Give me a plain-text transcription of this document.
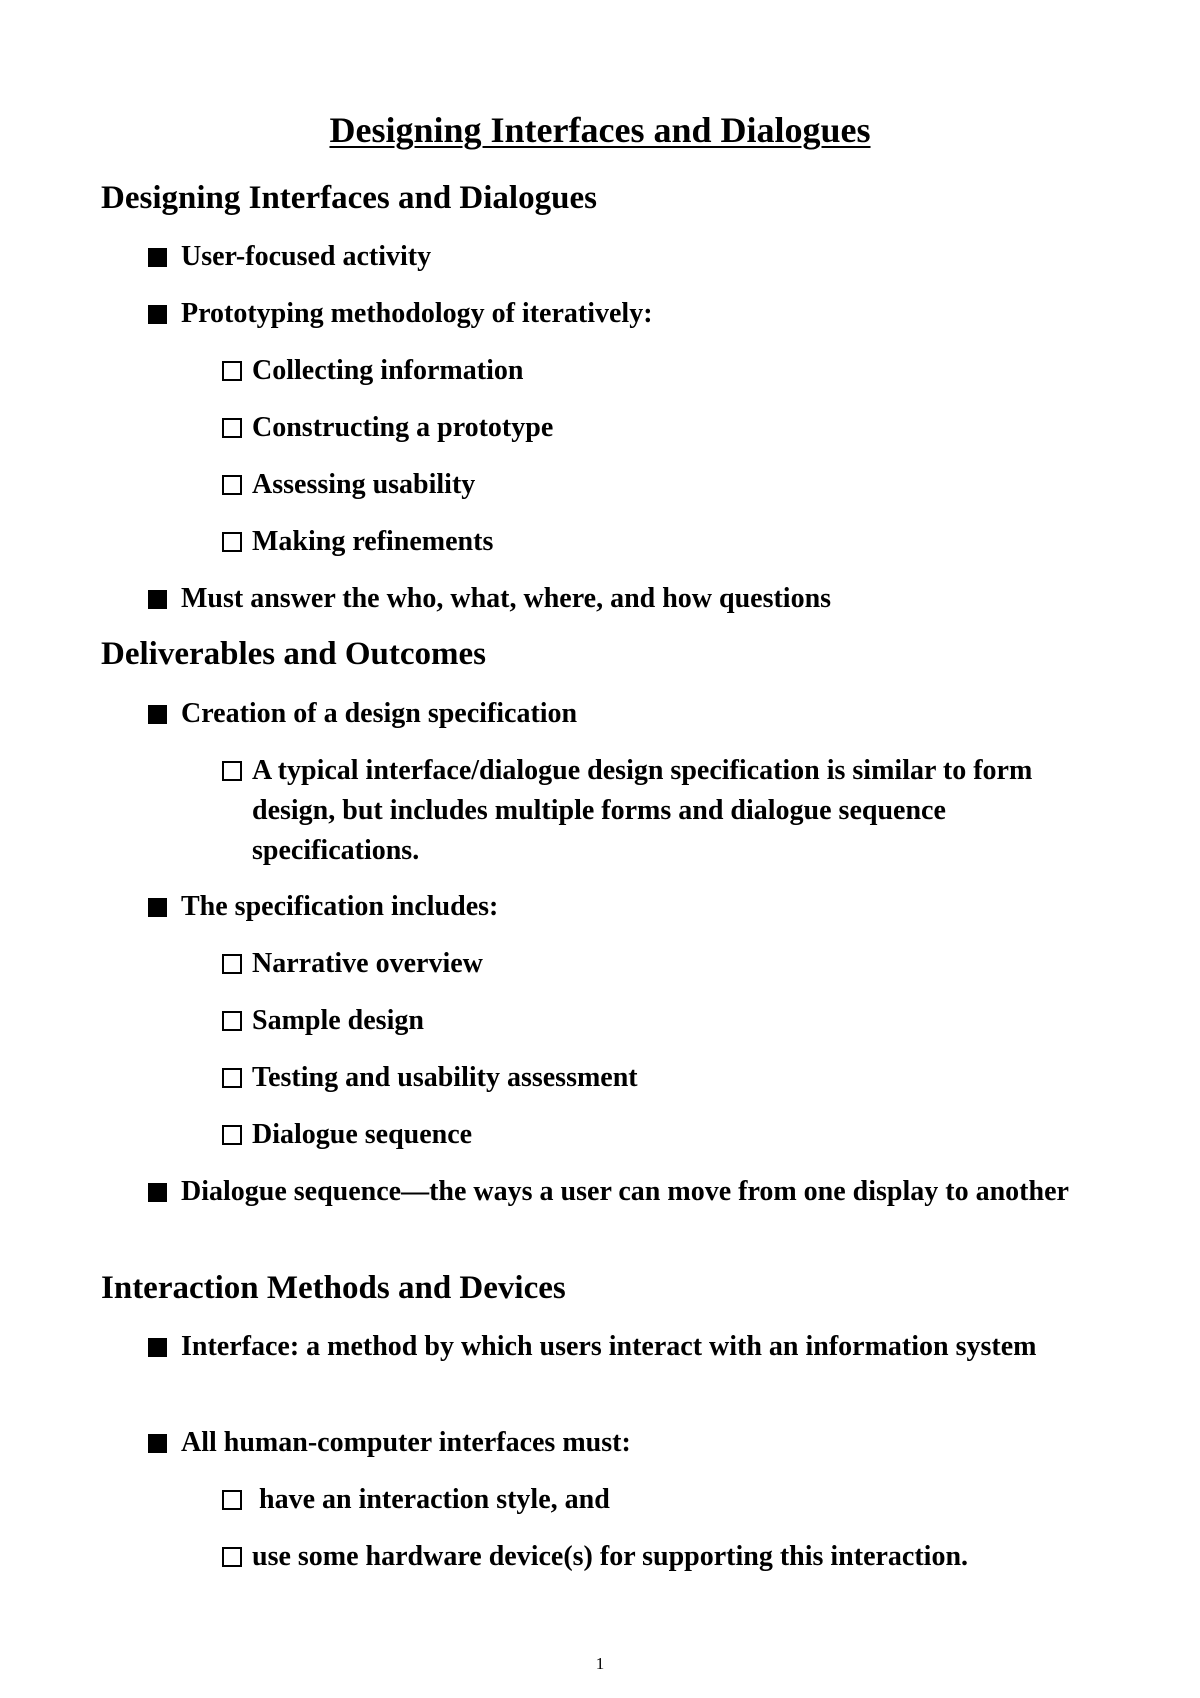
Designing Interfaces and Dialogues
Designing Interfaces and Dialogues
User-focused activity
Prototyping methodology of iteratively:
Collecting information
Constructing a prototype
Assessing usability
Making refinements
Must answer the who, what, where, and how questions
Deliverables and Outcomes
Creation of a design specification
A typical interface/dialogue design specification is similar to form design, but includes multiple forms and dialogue sequence specifications.
The specification includes:
Narrative overview
Sample design
Testing and usability assessment
Dialogue sequence
Dialogue sequence—the ways a user can move from one display to another
Interaction Methods and Devices
Interface: a method by which users interact with an information system
All human-computer interfaces must:
have an interaction style, and
use some hardware device(s) for supporting this interaction.
1
